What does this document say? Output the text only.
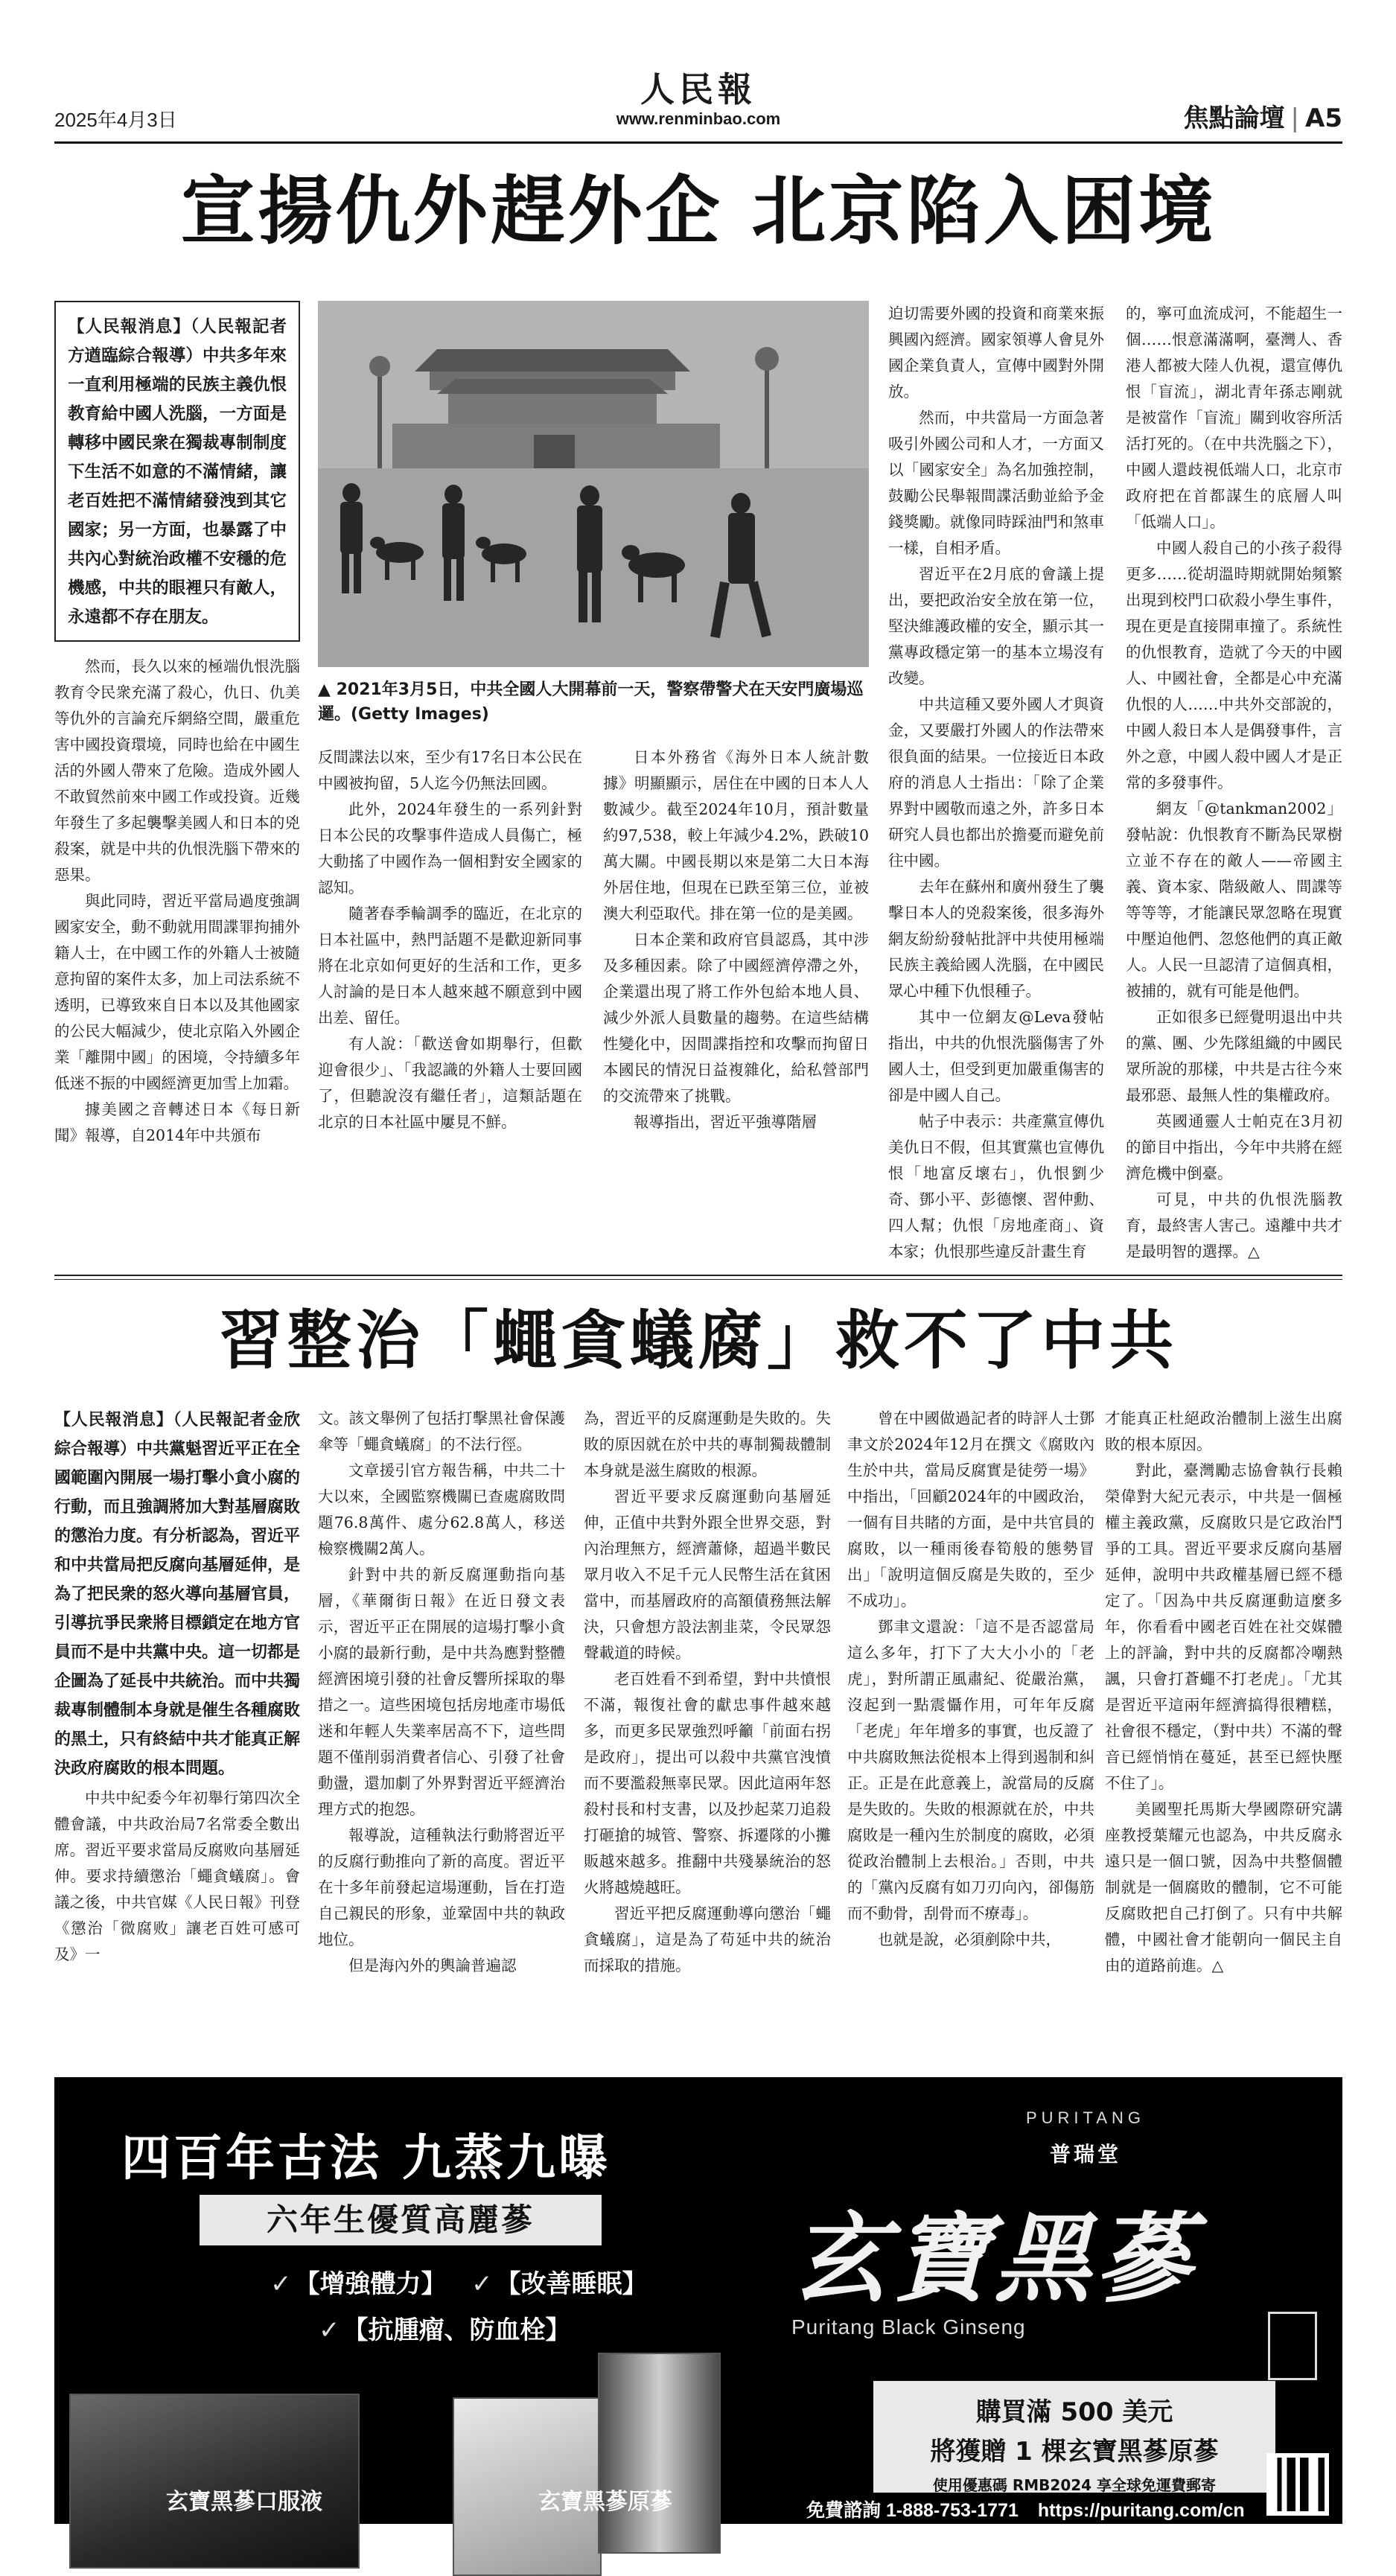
2025年4月3日
人民報
www.renminbao.com	焦點論壇 | A5
宣揚仇外趕外企 北京陷入困境
【人民報消息】（人民報記者方遒臨綜合報導）中共多年來一直利用極端的民族主義仇恨教育給中國人洗腦，一方面是轉移中國民衆在獨裁專制制度下生活不如意的不滿情緒，讓老百姓把不滿情緒發洩到其它國家；另一方面，也暴露了中共內心對統治政權不安穩的危機感，中共的眼裡只有敵人，永遠都不存在朋友。
▲ 2021年3月5日，中共全國人大開幕前一天，警察帶警犬在天安門廣場巡邏。(Getty Images)

然而，長久以來的極端仇恨洗腦教育令民衆充滿了殺心，仇日、仇美等仇外的言論充斥網絡空間，嚴重危害中國投資環境，同時也給在中國生活的外國人帶來了危險。造成外國人不敢貿然前來中國工作或投資。近幾年發生了多起襲擊美國人和日本的兇殺案，就是中共的仇恨洗腦下帶來的惡果。

與此同時，習近平當局過度強調國家安全，動不動就用間諜罪拘捕外籍人士，在中國工作的外籍人士被隨意拘留的案件太多，加上司法系統不透明，已導致來自日本以及其他國家的公民大幅減少，使北京陷入外國企業「離開中國」的困境，令持續多年低迷不振的中國經濟更加雪上加霜。

據美國之音轉述日本《每日新聞》報導，自2014年中共頒布

反間諜法以來，至少有17名日本公民在中國被拘留，5人迄今仍無法回國。

此外，2024年發生的一系列針對日本公民的攻擊事件造成人員傷亡，極大動搖了中國作為一個相對安全國家的認知。

隨著春季輪調季的臨近，在北京的日本社區中，熱門話題不是歡迎新同事將在北京如何更好的生活和工作，更多人討論的是日本人越來越不願意到中國出差、留任。

有人說：「歡送會如期舉行，但歡迎會很少」、「我認識的外籍人士要回國了，但聽說沒有繼任者」，這類話題在北京的日本社區中屢見不鮮。

日本外務省《海外日本人統計數據》明顯顯示，居住在中國的日本人人數減少。截至2024年10月，預計數量約97,538，較上年減少4.2%，跌破10萬大關。中國長期以來是第二大日本海外居住地，但現在已跌至第三位，並被澳大利亞取代。排在第一位的是美國。

日本企業和政府官員認爲，其中涉及多種因素。除了中國經濟停滯之外，企業還出現了將工作外包給本地人員、減少外派人員數量的趨勢。在這些結構性變化中，因間諜指控和攻擊而拘留日本國民的情況日益複雜化，給私營部門的交流帶來了挑戰。

報導指出，習近平強導階層

迫切需要外國的投資和商業來振興國內經濟。國家領導人會見外國企業負責人，宣傳中國對外開放。

然而，中共當局一方面急著吸引外國公司和人才，一方面又以「國家安全」為名加強控制，鼓勵公民舉報間諜活動並給予金錢獎勵。就像同時踩油門和煞車一樣，自相矛盾。

習近平在2月底的會議上提出，要把政治安全放在第一位，堅決維護政權的安全，顯示其一黨專政穩定第一的基本立場沒有改變。

中共這種又要外國人才與資金，又要嚴打外國人的作法帶來很負面的結果。一位接近日本政府的消息人士指出：「除了企業界對中國敬而遠之外，許多日本研究人員也都出於擔憂而避免前往中國。

去年在蘇州和廣州發生了襲擊日本人的兇殺案後，很多海外網友紛紛發帖批評中共使用極端民族主義給國人洗腦，在中國民眾心中種下仇恨種子。

其中一位網友@Leva發帖指出，中共的仇恨洗腦傷害了外國人士，但受到更加嚴重傷害的卻是中國人自己。

帖子中表示：共產黨宣傳仇美仇日不假，但其實黨也宣傳仇恨「地富反壞右」，仇恨劉少奇、鄧小平、彭德懷、習仲勳、四人幫；仇恨「房地產商」、資本家；仇恨那些違反計畫生育

的，寧可血流成河，不能超生一個……恨意滿滿啊，臺灣人、香港人都被大陸人仇視，還宣傳仇恨「盲流」，湖北青年孫志剛就是被當作「盲流」關到收容所活活打死的。（在中共洗腦之下），中國人還歧視低端人口，北京市政府把在首都謀生的底層人叫「低端人口」。

中國人殺自己的小孩子殺得更多……從胡溫時期就開始頻繁出現到校門口砍殺小學生事件，現在更是直接開車撞了。系統性的仇恨教育，造就了今天的中國人、中國社會，全都是心中充滿仇恨的人……中共外交部說的，中國人殺日本人是偶發事件，言外之意，中國人殺中國人才是正常的多發事件。

網友「@tankman2002」發帖說：仇恨教育不斷為民眾樹立並不存在的敵人——帝國主義、資本家、階級敵人、間諜等等等等，才能讓民眾忽略在現實中壓迫他們、忽悠他們的真正敵人。人民一旦認清了這個真相，被捕的，就有可能是他們。

正如很多已經覺明退出中共的黨、團、少先隊組織的中國民眾所說的那樣，中共是古往今來最邪惡、最無人性的集權政府。

英國通靈人士帕克在3月初的節目中指出，今年中共將在經濟危機中倒臺。

可見，中共的仇恨洗腦教育，最終害人害己。遠離中共才是最明智的選擇。△

習整治「蠅貪蟻腐」救不了中共
【人民報消息】（人民報記者金欣綜合報導）中共黨魁習近平正在全國範圍內開展一場打擊小貪小腐的行動，而且強調將加大對基層腐敗的懲治力度。有分析認為，習近平和中共當局把反腐向基層延伸，是為了把民衆的怒火導向基層官員，引導抗爭民衆將目標鎖定在地方官員而不是中共黨中央。這一切都是企圖為了延長中共統治。而中共獨裁專制體制本身就是催生各種腐敗的黑土，只有終結中共才能真正解決政府腐敗的根本問題。

中共中紀委今年初舉行第四次全體會議，中共政治局7名常委全數出席。習近平要求當局反腐败向基層延伸。要求持續懲治「蠅貪蟻腐」。會議之後，中共官媒《人民日報》刊登《懲治「微腐败」讓老百姓可感可及》一

文。該文舉例了包括打擊黑社會保護傘等「蠅貪蟻腐」的不法行徑。

文章援引官方報告稱，中共二十大以來，全國監察機關已查處腐敗問題76.8萬件、處分62.8萬人，移送檢察機關2萬人。

針對中共的新反腐運動指向基層，《華爾街日報》在近日發文表示，習近平正在開展的這場打擊小貪小腐的最新行動，是中共為應對整體經濟困境引發的社會反響所採取的舉措之一。這些困境包括房地產市場低迷和年輕人失業率居高不下，這些問題不僅削弱消費者信心、引發了社會動盪，還加劇了外界對習近平經濟治理方式的抱怨。

報導說，這種執法行動將習近平的反腐行動推向了新的高度。習近平在十多年前發起這場運動，旨在打造自己親民的形象，並鞏固中共的執政地位。

但是海內外的輿論普遍認

為，習近平的反腐運動是失敗的。失敗的原因就在於中共的專制獨裁體制本身就是滋生腐敗的根源。

習近平要求反腐運動向基層延伸，正值中共對外跟全世界交惡，對內治理無方，經濟蕭條，超過半數民眾月收入不足千元人民幣生活在貧困當中，而基層政府的高額債務無法解決，只會想方設法割韭菜，令民眾怨聲載道的時候。

老百姓看不到希望，對中共憤恨不滿，報復社會的獻忠事件越來越多，而更多民眾強烈呼籲「前面右拐是政府」，提出可以殺中共黨官洩憤而不要濫殺無辜民眾。因此這兩年怒殺村長和村支書，以及抄起菜刀追殺打砸搶的城管、警察、拆遷隊的小攤販越來越多。推翻中共殘暴統治的怒火將越燒越旺。

習近平把反腐運動導向懲治「蠅貪蟻腐」，這是為了苟延中共的統治而採取的措施。

曾在中國做過記者的時評人士鄧聿文於2024年12月在撰文《腐敗內生於中共，當局反腐實是徒勞一場》中指出，「回顧2024年的中國政治，一個有目共睹的方面，是中共官員的腐敗，以一種雨後春筍般的態勢冒出」「說明這個反腐是失敗的，至少不成功」。

鄧聿文還說：「這不是否認當局這么多年，打下了大大小小的「老虎」，對所謂正風肅紀、從嚴治黨，沒起到一點震懾作用，可年年反腐「老虎」年年增多的事實，也反證了中共腐敗無法從根本上得到遏制和糾正。正是在此意義上，說當局的反腐是失敗的。失敗的根源就在於，中共腐敗是一種內生於制度的腐敗，必須從政治體制上去根治。」否則，中共的「黨內反腐有如刀刃向內，卻傷筋而不動骨，刮骨而不療毒」。

也就是說，必須剷除中共，

才能真正杜絕政治體制上滋生出腐敗的根本原因。

對此，臺灣勵志協會執行長賴榮偉對大紀元表示，中共是一個極權主義政黨，反腐敗只是它政治鬥爭的工具。習近平要求反腐向基層延伸，說明中共政權基層已經不穩定了。「因為中共反腐運動這麼多年，你看看中國老百姓在社交媒體上的評論，對中共的反腐都冷嘲熱諷，只會打蒼蠅不打老虎」。「尤其是習近平這兩年經濟搞得很糟糕，社會很不穩定，（對中共）不滿的聲音已經悄悄在蔓延，甚至已經快壓不住了」。

美國聖托馬斯大學國際研究講座教授葉耀元也認為，中共反腐永遠只是一個口號，因為中共整個體制就是一個腐敗的體制，它不可能反腐敗把自己打倒了。只有中共解體，中國社會才能朝向一個民主自由的道路前進。△

四百年古法 九蒸九曝
六年生優質高麗蔘
✓ 【增強體力】 ✓ 【改善睡眠】
✓ 【抗腫瘤、防血栓】
玄寶黑蔘口服液	玄寶黑蔘原蔘
PURITANG
普瑞堂
玄寶黑蔘
Puritang Black Ginseng
購買滿 500 美元
將獲贈 1 棵玄寶黑蔘原蔘
使用優惠碼 RMB2024 享全球免運費郵寄
免費諮詢 1-888-753-1771 https://puritang.com/cn
